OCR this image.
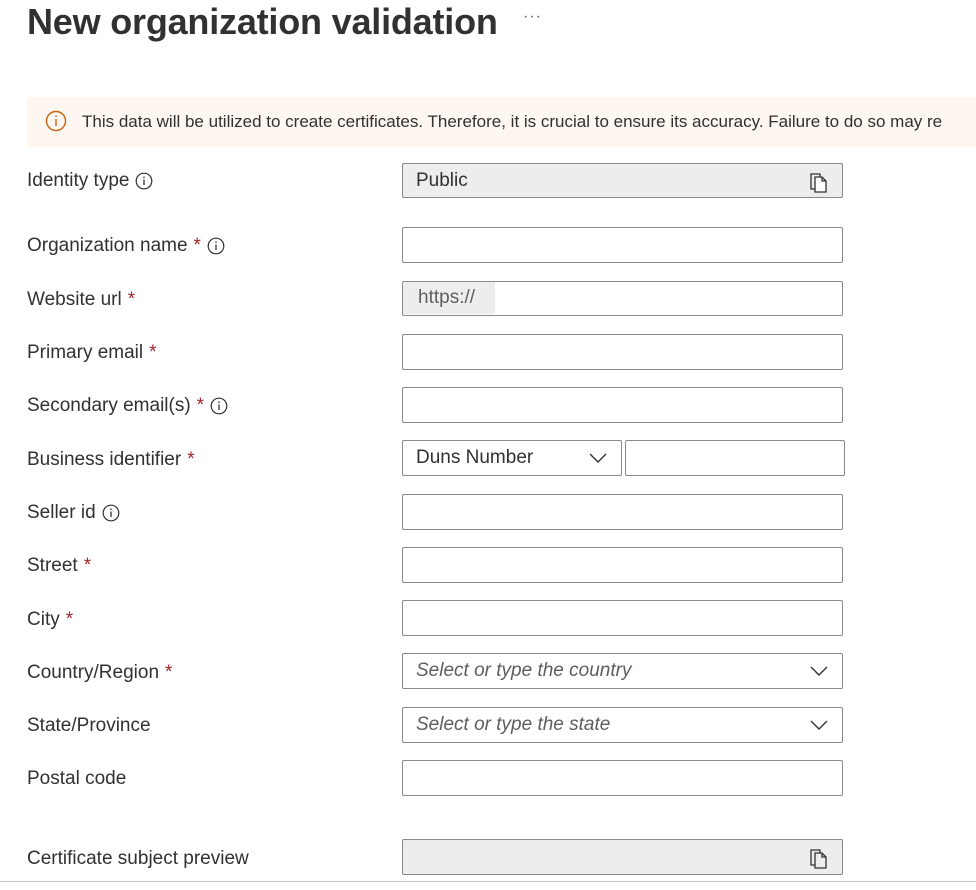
New organization validation ···
This data will be utilized to create certificates. Therefore, it is crucial to ensure its accuracy. Failure to do so may re
Identity type	Public
Organization name *
Website url *	https://
Primary email *
Secondary email(s) *
Business identifier *	Duns Number
Seller id
Street *
City *
Country/Region *	Select or type the country
State/Province	Select or type the state
Postal code
Certificate subject preview
